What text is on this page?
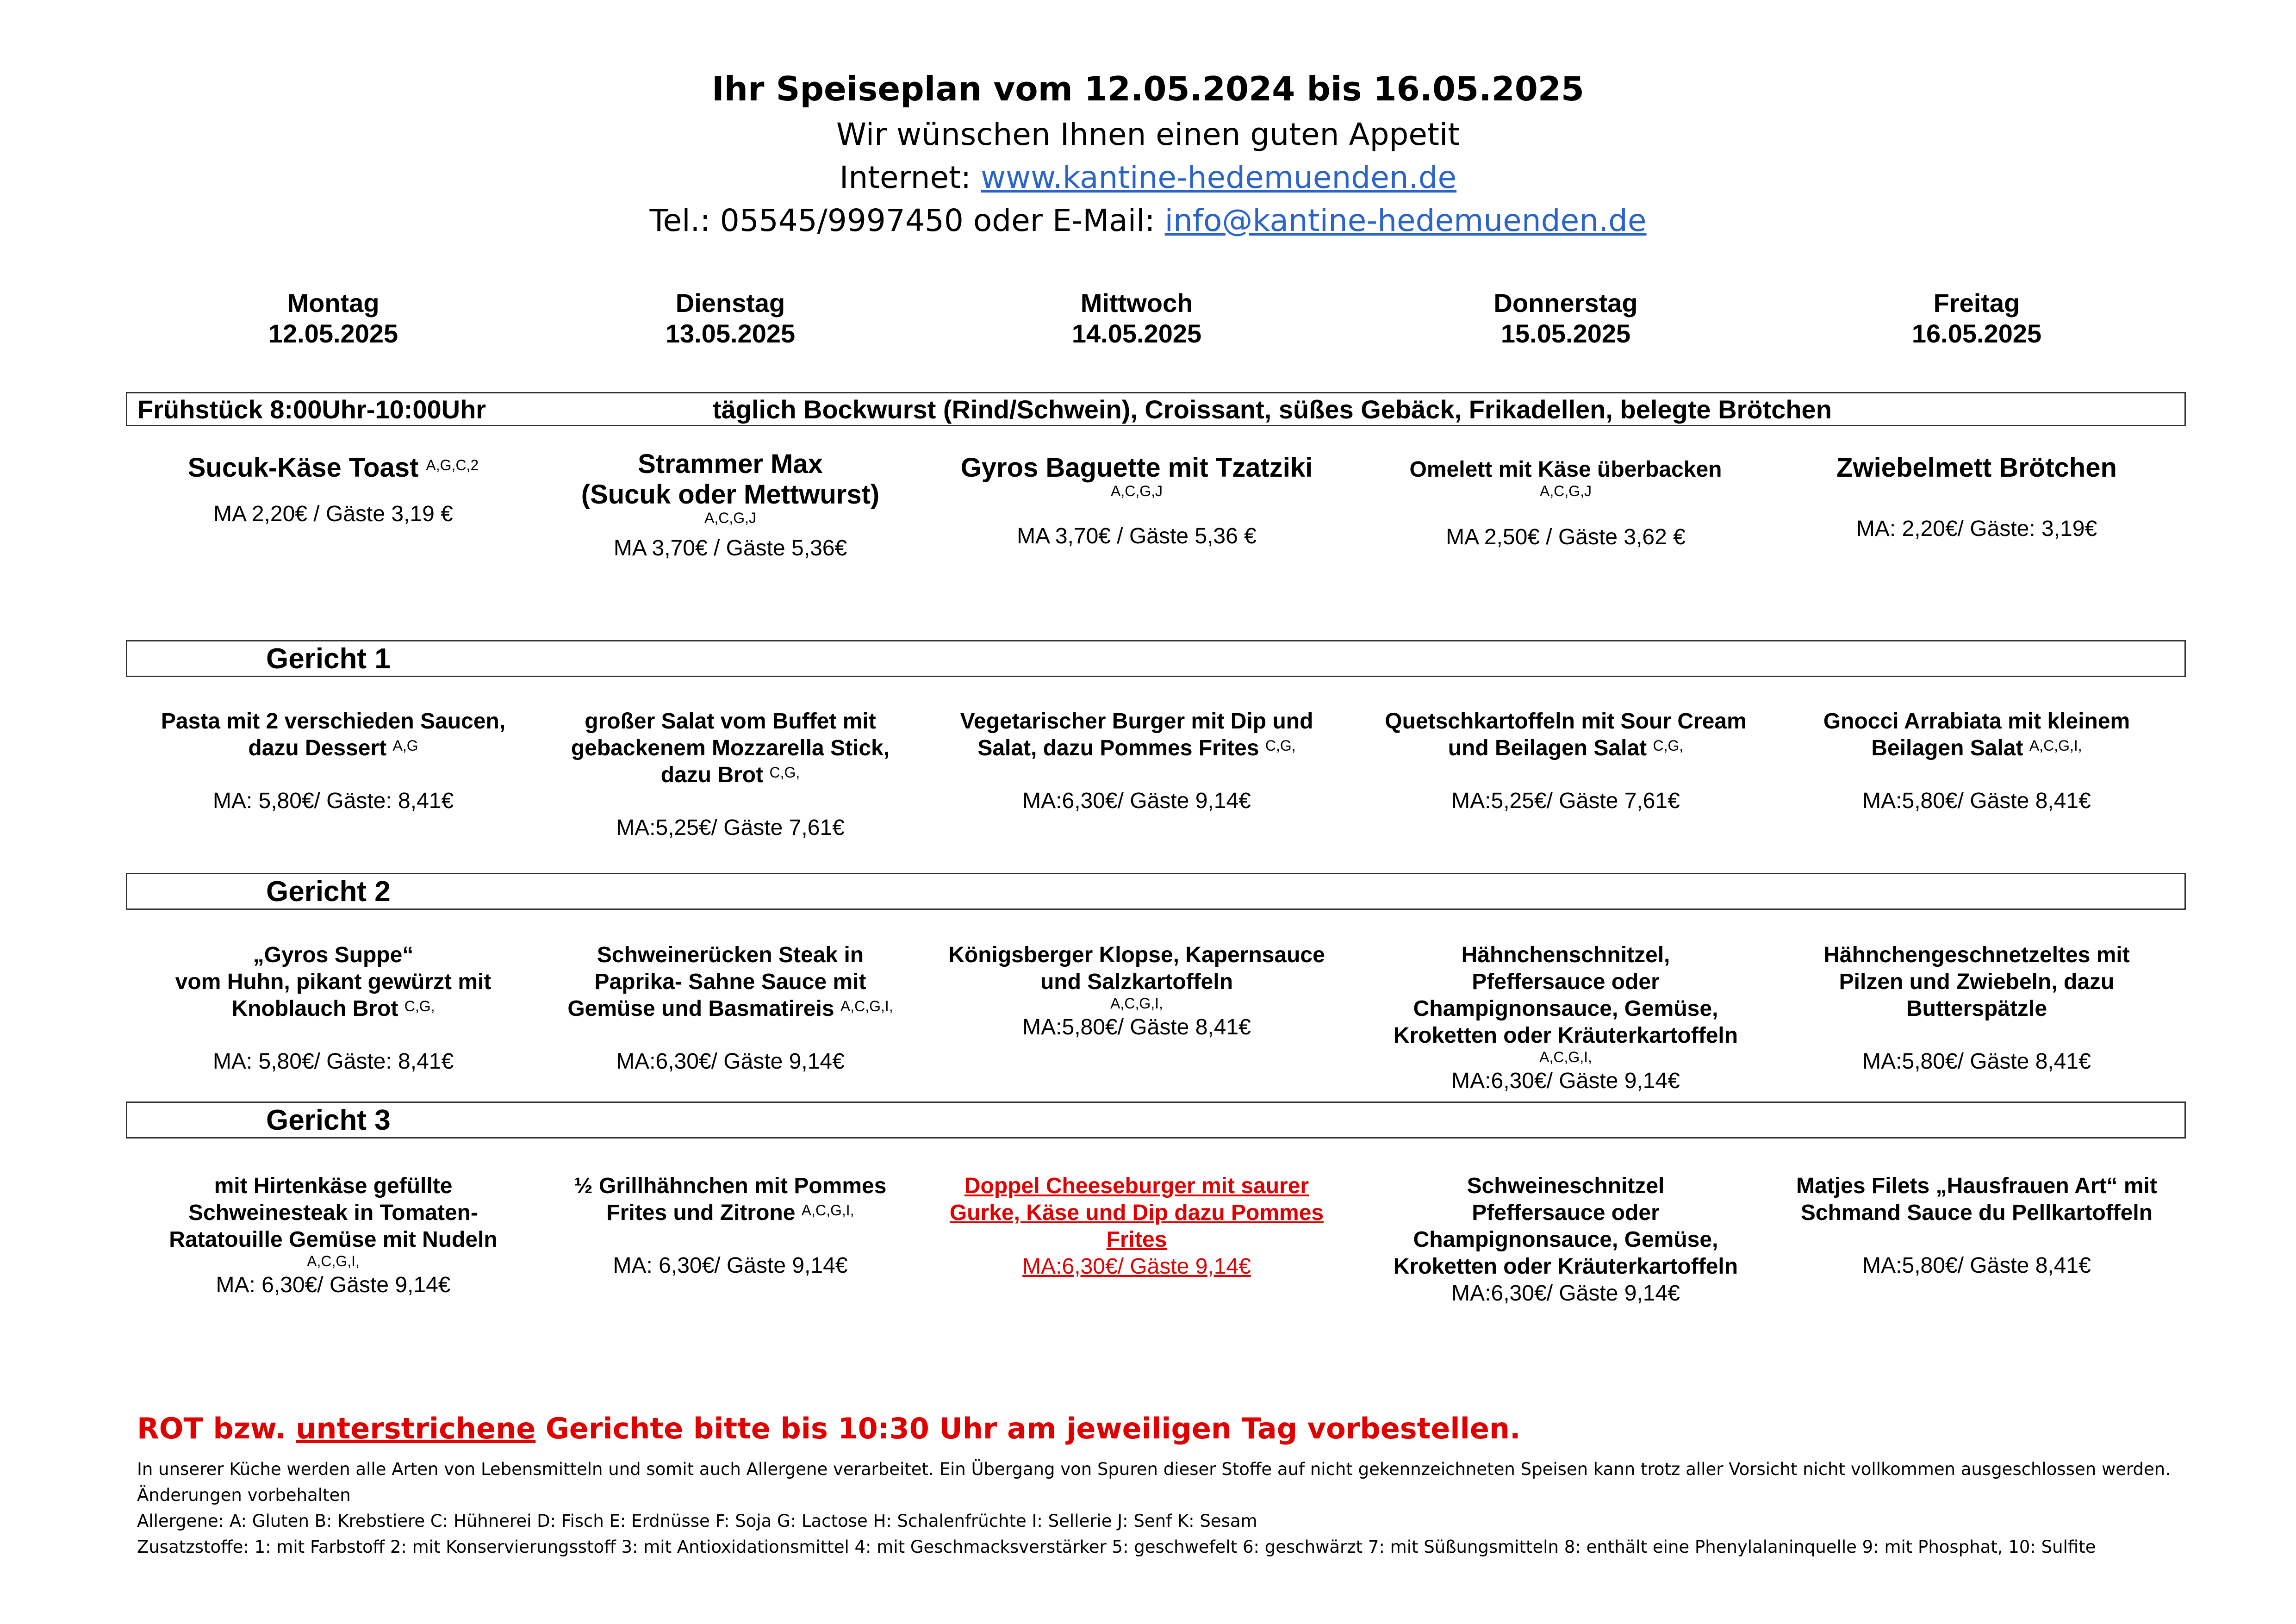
Ihr Speiseplan vom 12.05.2024 bis 16.05.2025
Wir wünschen Ihnen einen guten Appetit
Internet: www.kantine-hedemuenden.de
Tel.: 05545/9997450 oder E-Mail: info@kantine-hedemuenden.de
Montag
12.05.2025
Dienstag
13.05.2025
Mittwoch
14.05.2025
Donnerstag
15.05.2025
Freitag
16.05.2025
Frühstück 8:00Uhr-10:00Uhr	täglich Bockwurst (Rind/Schwein), Croissant, süßes Gebäck, Frikadellen, belegte Brötchen
Sucuk-Käse Toast $^{A,G,C,2}$
MA 2,20€ / Gäste 3,19 €
Strammer Max
(Sucuk oder Mettwurst)
A,C,G,J
MA 3,70€ / Gäste 5,36€
Gyros Baguette mit Tzatziki
A,C,G,J
MA 3,70€ / Gäste 5,36 €
Omelett mit Käse überbacken
A,C,G,J
MA 2,50€ / Gäste 3,62 €
Zwiebelmett Brötchen
MA: 2,20€/ Gäste: 3,19€
Gericht 1
Pasta mit 2 verschieden Saucen,
dazu Dessert $^{A,G}$
MA: 5,80€/ Gäste: 8,41€
großer Salat vom Buffet mit
gebackenem Mozzarella Stick,
dazu Brot $^{C,G,}$
MA:5,25€/ Gäste 7,61€
Vegetarischer Burger mit Dip und
Salat, dazu Pommes Frites $^{C,G,}$
MA:6,30€/ Gäste 9,14€
Quetschkartoffeln mit Sour Cream
und Beilagen Salat $^{C,G,}$
MA:5,25€/ Gäste 7,61€
Gnocci Arrabiata mit kleinem
Beilagen Salat $^{A,C,G,I,}$
MA:5,80€/ Gäste 8,41€
Gericht 2
„Gyros Suppe“
vom Huhn, pikant gewürzt mit
Knoblauch Brot $^{C,G,}$
MA: 5,80€/ Gäste: 8,41€
Schweinerücken Steak in
Paprika- Sahne Sauce mit
Gemüse und Basmatireis $^{A,C,G,I,}$
MA:6,30€/ Gäste 9,14€
Königsberger Klopse, Kapernsauce
und Salzkartoffeln
A,C,G,I,
MA:5,80€/ Gäste 8,41€
Hähnchenschnitzel,
Pfeffersauce oder
Champignonsauce, Gemüse,
Kroketten oder Kräuterkartoffeln
A,C,G,I,
MA:6,30€/ Gäste 9,14€
Hähnchengeschnetzeltes mit
Pilzen und Zwiebeln, dazu
Butterspätzle
MA:5,80€/ Gäste 8,41€
Gericht 3
mit Hirtenkäse gefüllte
Schweinesteak in Tomaten-
Ratatouille Gemüse mit Nudeln
A,C,G,I,
MA: 6,30€/ Gäste 9,14€
½ Grillhähnchen mit Pommes
Frites und Zitrone $^{A,C,G,I,}$
MA: 6,30€/ Gäste 9,14€
Doppel Cheeseburger mit saurer
Gurke, Käse und Dip dazu Pommes
Frites
MA:6,30€/ Gäste 9,14€
Schweineschnitzel
Pfeffersauce oder
Champignonsauce, Gemüse,
Kroketten oder Kräuterkartoffeln
MA:6,30€/ Gäste 9,14€
Matjes Filets „Hausfrauen Art“ mit
Schmand Sauce du Pellkartoffeln
MA:5,80€/ Gäste 8,41€
ROT bzw. unterstrichene Gerichte bitte bis 10:30 Uhr am jeweiligen Tag vorbestellen.
In unserer Küche werden alle Arten von Lebensmitteln und somit auch Allergene verarbeitet. Ein Übergang von Spuren dieser Stoffe auf nicht gekennzeichneten Speisen kann trotz aller Vorsicht nicht vollkommen ausgeschlossen werden.
Änderungen vorbehalten
Allergene: A: Gluten B: Krebstiere C: Hühnerei D: Fisch E: Erdnüsse F: Soja G: Lactose H: Schalenfrüchte I: Sellerie J: Senf K: Sesam
Zusatzstoffe: 1: mit Farbstoff 2: mit Konservierungsstoff 3: mit Antioxidationsmittel 4: mit Geschmacksverstärker 5: geschwefelt 6: geschwärzt 7: mit Süßungsmitteln 8: enthält eine Phenylalaninquelle 9: mit Phosphat, 10: Sulfite
